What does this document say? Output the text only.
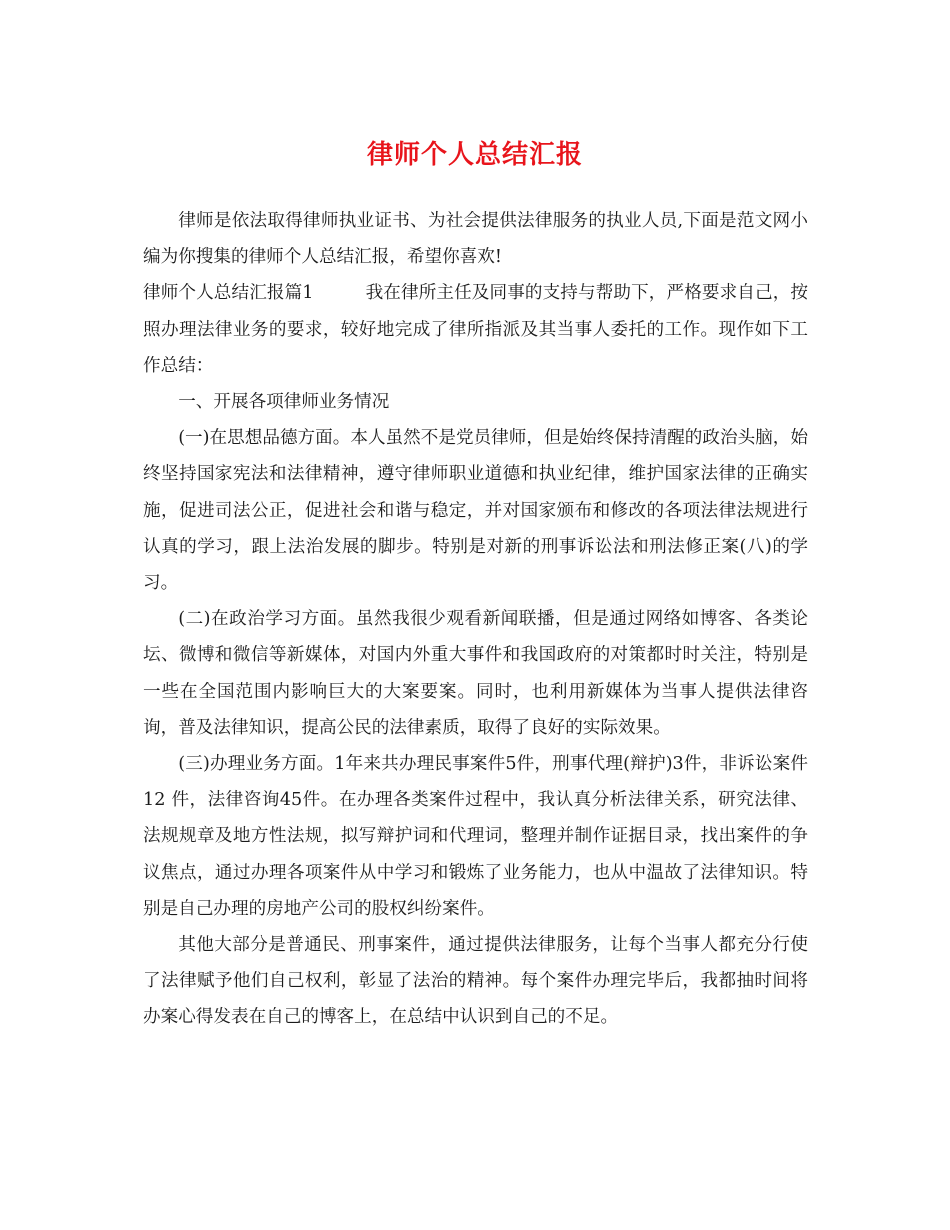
律师个人总结汇报

律师是依法取得律师执业证书、为社会提供法律服务的执业人员,下面是范文网小编为你搜集的律师个人总结汇报，希望你喜欢!

律师个人总结汇报篇1	我在律所主任及同事的支持与帮助下，严格要求自己，按照办理法律业务的要求，较好地完成了律所指派及其当事人委托的工作。现作如下工作总结：

一、开展各项律师业务情况

(一)在思想品德方面。本人虽然不是党员律师，但是始终保持清醒的政治头脑，始终坚持国家宪法和法律精神，遵守律师职业道德和执业纪律，维护国家法律的正确实施，促进司法公正，促进社会和谐与稳定，并对国家颁布和修改的各项法律法规进行认真的学习，跟上法治发展的脚步。特别是对新的刑事诉讼法和刑法修正案(八)的学习。

(二)在政治学习方面。虽然我很少观看新闻联播，但是通过网络如博客、各类论坛、微博和微信等新媒体，对国内外重大事件和我国政府的对策都时时关注，特别是一些在全国范围内影响巨大的大案要案。同时，也利用新媒体为当事人提供法律咨询，普及法律知识，提高公民的法律素质，取得了良好的实际效果。

(三)办理业务方面。1年来共办理民事案件5件，刑事代理(辩护)3件，非诉讼案件12 件，法律咨询45件。在办理各类案件过程中，我认真分析法律关系，研究法律、法规规章及地方性法规，拟写辩护词和代理词，整理并制作证据目录，找出案件的争议焦点，通过办理各项案件从中学习和锻炼了业务能力，也从中温故了法律知识。特别是自己办理的房地产公司的股权纠纷案件。

其他大部分是普通民、刑事案件，通过提供法律服务，让每个当事人都充分行使了法律赋予他们自己权利，彰显了法治的精神。每个案件办理完毕后，我都抽时间将办案心得发表在自己的博客上，在总结中认识到自己的不足。
